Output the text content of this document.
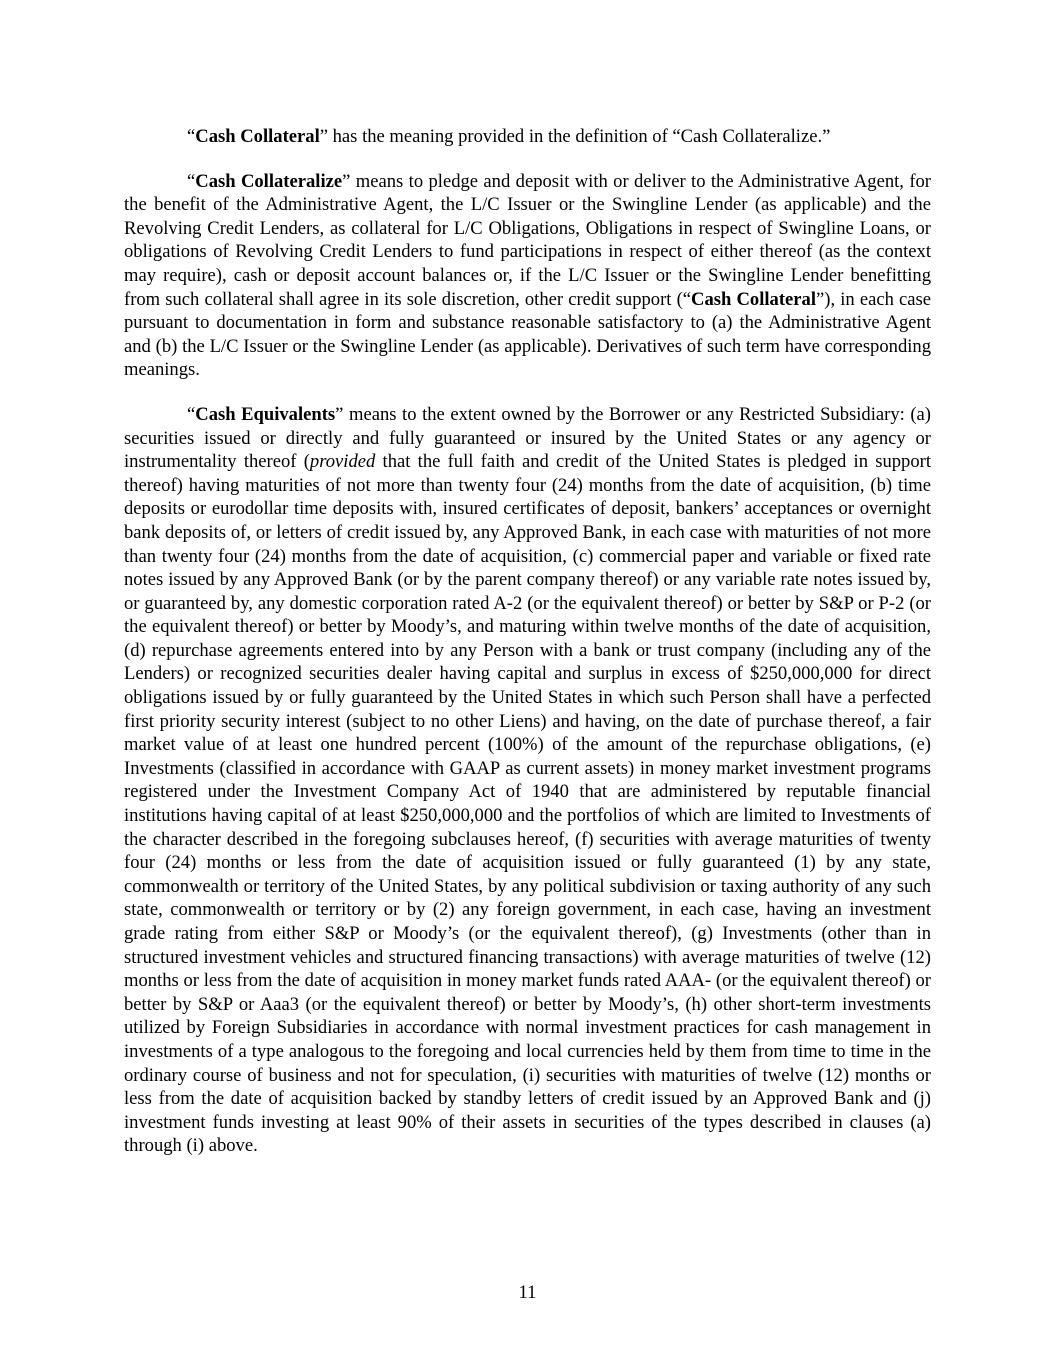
“Cash Collateral” has the meaning provided in the definition of “Cash Collateralize.”

“Cash Collateralize” means to pledge and deposit with or deliver to the Administrative Agent, for the benefit of the Administrative Agent, the L/C Issuer or the Swingline Lender (as applicable) and the Revolving Credit Lenders, as collateral for L/C Obligations, Obligations in respect of Swingline Loans, or obligations of Revolving Credit Lenders to fund participations in respect of either thereof (as the context may require), cash or deposit account balances or, if the L/C Issuer or the Swingline Lender benefitting from such collateral shall agree in its sole discretion, other credit support (“Cash Collateral”), in each case pursuant to documentation in form and substance reasonable satisfactory to (a) the Administrative Agent and (b) the L/C Issuer or the Swingline Lender (as applicable). Derivatives of such term have corresponding meanings.

“Cash Equivalents” means to the extent owned by the Borrower or any Restricted Subsidiary: (a) securities issued or directly and fully guaranteed or insured by the United States or any agency or instrumentality thereof (provided that the full faith and credit of the United States is pledged in support thereof) having maturities of not more than twenty four (24) months from the date of acquisition, (b) time deposits or eurodollar time deposits with, insured certificates of deposit, bankers’ acceptances or overnight bank deposits of, or letters of credit issued by, any Approved Bank, in each case with maturities of not more than twenty four (24) months from the date of acquisition, (c) commercial paper and variable or fixed rate notes issued by any Approved Bank (or by the parent company thereof) or any variable rate notes issued by, or guaranteed by, any domestic corporation rated A-2 (or the equivalent thereof) or better by S&P or P-2 (or the equivalent thereof) or better by Moody’s, and maturing within twelve months of the date of acquisition, (d) repurchase agreements entered into by any Person with a bank or trust company (including any of the Lenders) or recognized securities dealer having capital and surplus in excess of $250,000,000 for direct obligations issued by or fully guaranteed by the United States in which such Person shall have a perfected first priority security interest (subject to no other Liens) and having, on the date of purchase thereof, a fair market value of at least one hundred percent (100%) of the amount of the repurchase obligations, (e) Investments (classified in accordance with GAAP as current assets) in money market investment programs registered under the Investment Company Act of 1940 that are administered by reputable financial institutions having capital of at least $250,000,000 and the portfolios of which are limited to Investments of the character described in the foregoing subclauses hereof, (f) securities with average maturities of twenty four (24) months or less from the date of acquisition issued or fully guaranteed (1) by any state, commonwealth or territory of the United States, by any political subdivision or taxing authority of any such state, commonwealth or territory or by (2) any foreign government, in each case, having an investment grade rating from either S&P or Moody’s (or the equivalent thereof), (g) Investments (other than in structured investment vehicles and structured financing transactions) with average maturities of twelve (12) months or less from the date of acquisition in money market funds rated AAA- (or the equivalent thereof) or better by S&P or Aaa3 (or the equivalent thereof) or better by Moody’s, (h) other short-term investments utilized by Foreign Subsidiaries in accordance with normal investment practices for cash management in investments of a type analogous to the foregoing and local currencies held by them from time to time in the ordinary course of business and not for speculation, (i) securities with maturities of twelve (12) months or less from the date of acquisition backed by standby letters of credit issued by an Approved Bank and (j) investment funds investing at least 90% of their assets in securities of the types described in clauses (a) through (i) above.

11
